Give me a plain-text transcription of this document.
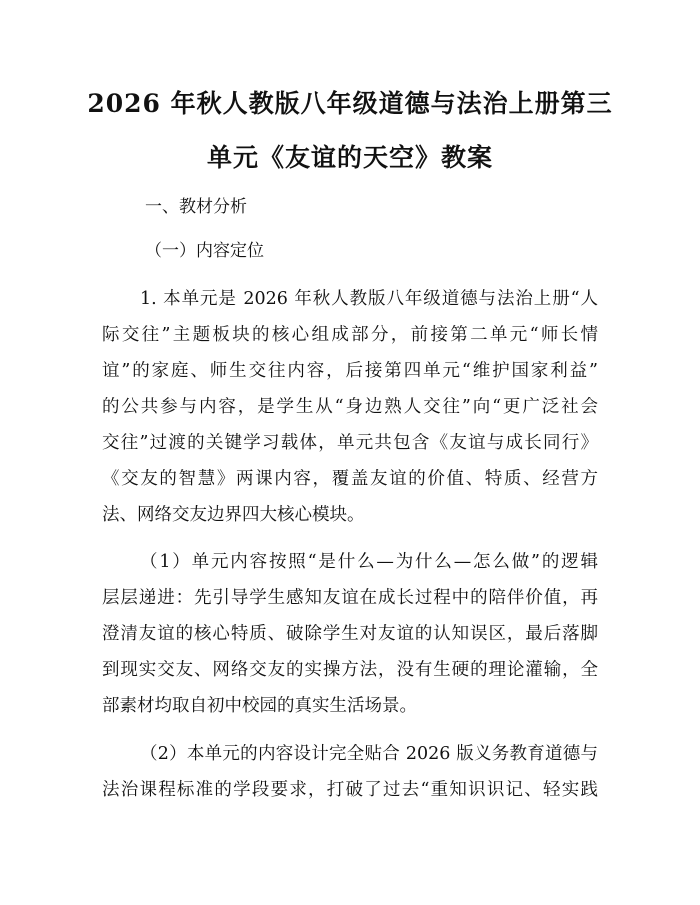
2026 年秋人教版八年级道德与法治上册第三
单元《友谊的天空》教案
一、教材分析
（一）内容定位
1. 本单元是 2026 年秋人教版八年级道德与法治上册“人
际交往”主题板块的核心组成部分，前接第二单元“师长情
谊”的家庭、师生交往内容，后接第四单元“维护国家利益”
的公共参与内容，是学生从“身边熟人交往”向“更广泛社会
交往”过渡的关键学习载体，单元共包含《友谊与成长同行》
《交友的智慧》两课内容，覆盖友谊的价值、特质、经营方
法、网络交友边界四大核心模块。
（1）单元内容按照“是什么—为什么—怎么做”的逻辑
层层递进：先引导学生感知友谊在成长过程中的陪伴价值，再
澄清友谊的核心特质、破除学生对友谊的认知误区，最后落脚
到现实交友、网络交友的实操方法，没有生硬的理论灌输，全
部素材均取自初中校园的真实生活场景。
（2）本单元的内容设计完全贴合 2026 版义务教育道德与
法治课程标准的学段要求，打破了过去“重知识识记、轻实践
